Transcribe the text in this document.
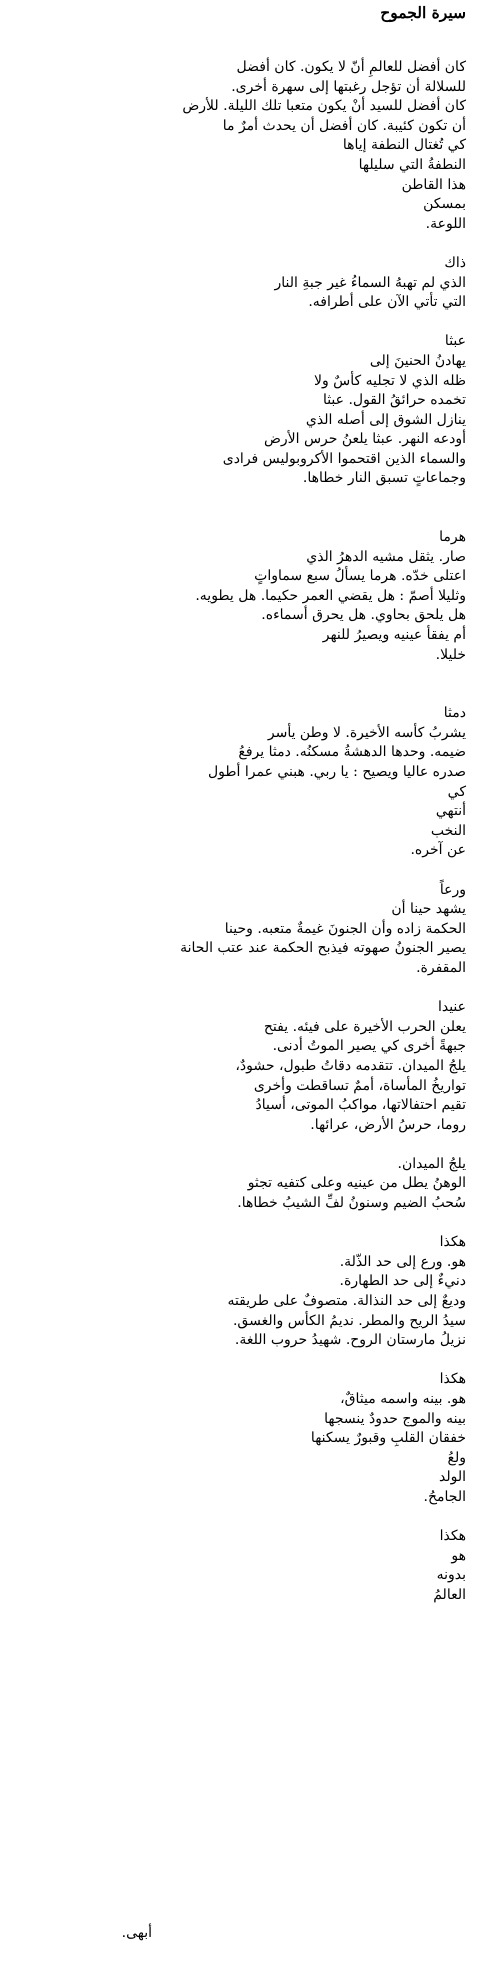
سيرة الجموح
كان أفضل للعالمِ أنّ لا يكون. كان أفضل
للسلالة أن تؤجل رغبتها إلى سهرة أخرى.
كان أفضل للسيد أنْ يكون متعبا تلك الليلة. للأرض
أن تكون كئيبة. كان أفضل أن يحدث أمرٌ ما
كي تُغتال النطفة إياها
النطفةُ التي سليلها
هذا القاطن
بمسكن
اللوعة.
ذاك
الذي لم تهبهُ السماءُ غير جبةِ النار
التي تأتي الآن على أطرافه.
عبثا
يهادنُ الحنينَ إلى
ظله الذي لا تجليه كأسٌ ولا
تخمده حرائقُ القول. عبثا
ينازل الشوق إلى أصله الذي
أودعه النهر. عبثا يلعنُ حرس الأرض
والسماء الذين اقتحموا الأكروبوليس فرادى
وجماعاتٍ تسبق النار خطاها.
هرما
صار. يثقل مشيه الدهرُ الذي
اعتلى خدّه. هرما يسألُ سبع سماواتٍ
وثليلا أصمّ : هل يقضي العمر حكيما. هل يطويه.
هل يلحق بحاوي. هل يحرق أسماءه.
أم يفقأ عينيه ويصيرُ للنهر
خليلا.
دمثا
يشربُ كأسه الأخيرة. لا وطن يأسر
ضيمه. وحدها الدهشةُ مسكنُه. دمثا يرفعُ
صدره عاليا ويصيح : يا ربي. هبني عمرا أطول
كي
أنتهي
النخب
عن آخره.
ورعاً
يشهد حينا أن
الحكمة زاده وأن الجنونَ غيمةٌ متعبه. وحينا
يصير الجنونُ صهوته فيذبح الحكمة عند عتب الحانة
المقفرة.
عنيدا
يعلن الحرب الأخيرة على فيئه. يفتح
جبهةً أخرى كي يصير الموتُ أدنى.
يلجُ الميدان. تتقدمه دقاتُ طبول، حشودٌ،
تواريخُ المأساة، أممٌ تساقطت وأخرى
تقيم احتفالاتها، مواكبُ الموتى، أسيادُ
روما، حرسُ الأرض، عرائها.
يلجُ الميدان.
الوهنُ يطل من عينيه وعلى كتفيه تجثو
سُحبُ الضيم وسنونُ لفِّ الشيبُ خطاها.
هكذا
هو. ورع إلى حد الذّلة.
دنيءٌ إلى حد الطهارة.
وديعٌ إلى حد النذالة. متصوفٌ على طريقته
سيدُ الريح والمطر. نديمُ الكأس والغسق.
نزيلُ مارستان الروح. شهيدُ حروب اللغة.
هكذا
هو. بينه واسمه ميثاقٌ،
بينه والموج حدودٌ ينسجها
خفقان القلبِ وقبورٌ يسكنها
ولعُ
الولد
الجامحُ.
هكذا
هو
بدونه
العالمُ
أبهى.
